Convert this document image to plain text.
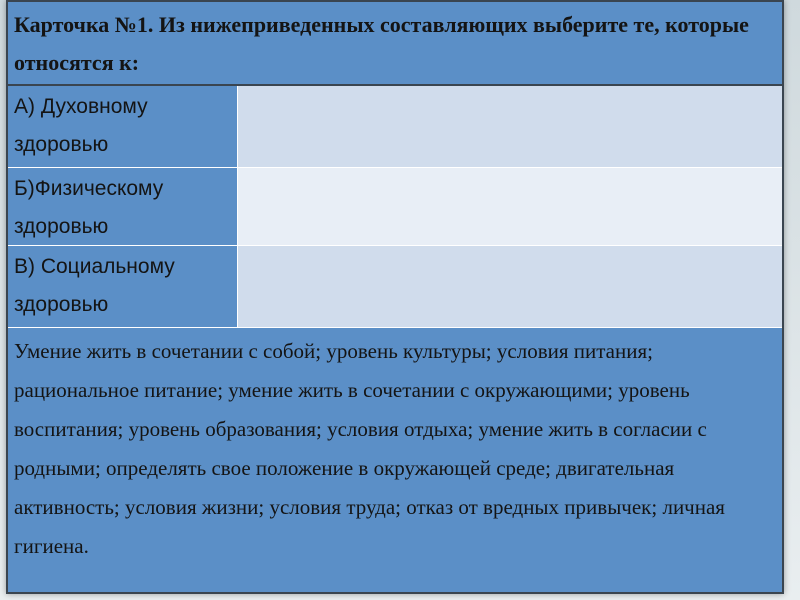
Карточка №1. Из нижеприведенных составляющих выберите те, которые относятся к:
А) Духовному здоровью
Б)Физическому здоровью
В) Социальному здоровью
Умение жить в сочетании с собой; уровень культуры; условия питания; рациональное питание; умение жить в сочетании с окружающими; уровень воспитания; уровень образования; условия отдыха; умение жить в согласии с родными; определять свое положение в окружающей среде; двигательная активность; условия жизни; условия труда; отказ от вредных привычек; личная гигиена.
